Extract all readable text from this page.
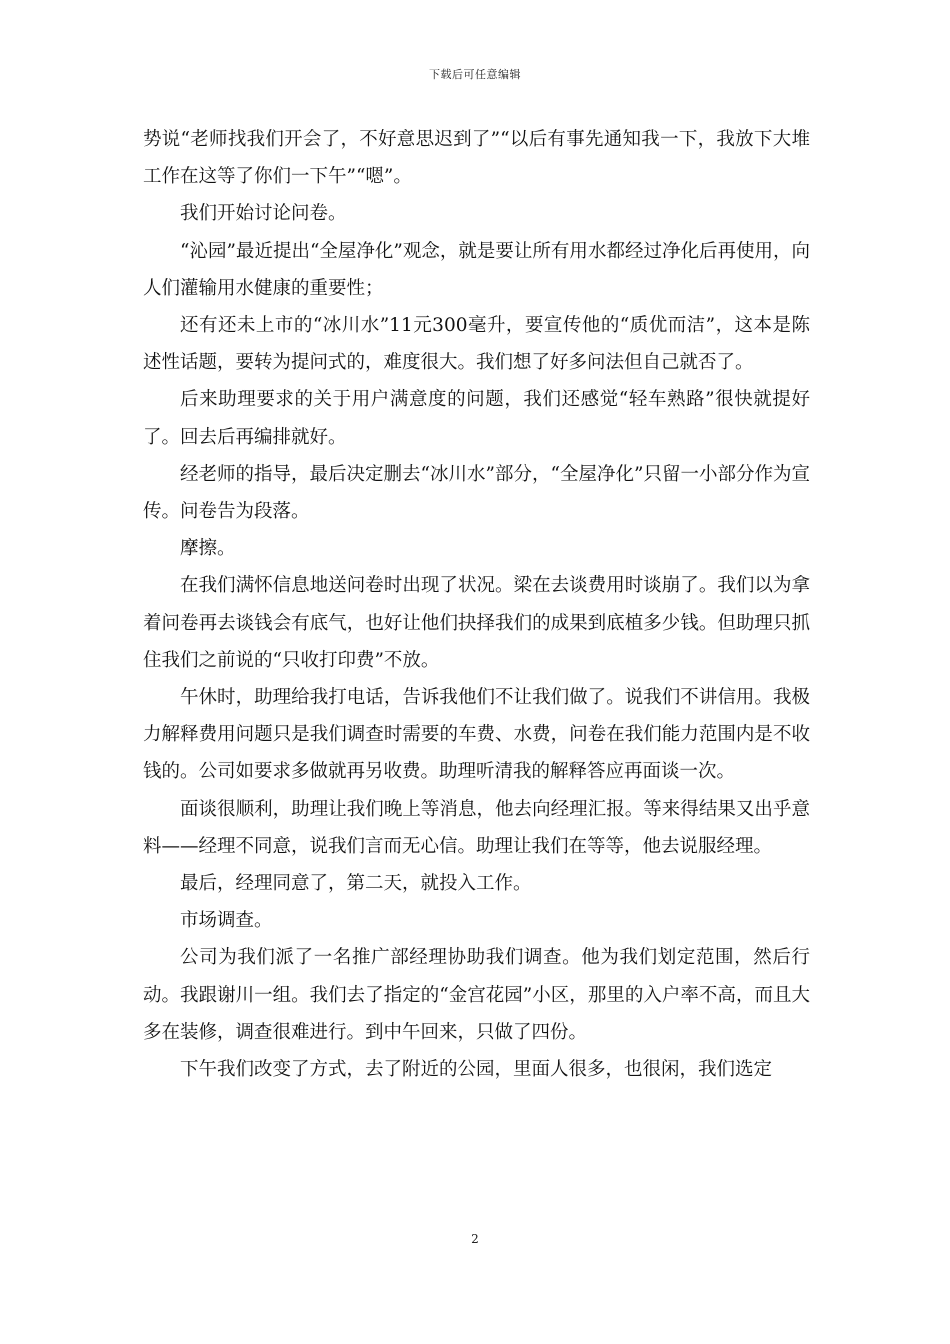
下载后可任意编辑

势说“老师找我们开会了，不好意思迟到了”“以后有事先通知我一下，我放下大堆工作在这等了你们一下午”“嗯”。

我们开始讨论问卷。

“沁园”最近提出“全屋净化”观念，就是要让所有用水都经过净化后再使用，向人们灌输用水健康的重要性；

还有还未上市的“冰川水”11元300毫升，要宣传他的“质优而洁”，这本是陈述性话题，要转为提问式的，难度很大。我们想了好多问法但自己就否了。

后来助理要求的关于用户满意度的问题，我们还感觉“轻车熟路”很快就提好了。回去后再编排就好。

经老师的指导，最后决定删去“冰川水”部分，“全屋净化”只留一小部分作为宣传。问卷告为段落。

摩擦。

在我们满怀信息地送问卷时出现了状况。梁在去谈费用时谈崩了。我们以为拿着问卷再去谈钱会有底气，也好让他们抉择我们的成果到底植多少钱。但助理只抓住我们之前说的“只收打印费”不放。

午休时，助理给我打电话，告诉我他们不让我们做了。说我们不讲信用。我极力解释费用问题只是我们调查时需要的车费、水费，问卷在我们能力范围内是不收钱的。公司如要求多做就再另收费。助理听清我的解释答应再面谈一次。

面谈很顺利，助理让我们晚上等消息，他去向经理汇报。等来得结果又出乎意料——经理不同意，说我们言而无心信。助理让我们在等等，他去说服经理。

最后，经理同意了，第二天，就投入工作。

市场调查。

公司为我们派了一名推广部经理协助我们调查。他为我们划定范围，然后行动。我跟谢川一组。我们去了指定的“金宫花园”小区，那里的入户率不高，而且大多在装修，调查很难进行。到中午回来，只做了四份。

下午我们改变了方式，去了附近的公园，里面人很多，也很闲，我们选定

2
